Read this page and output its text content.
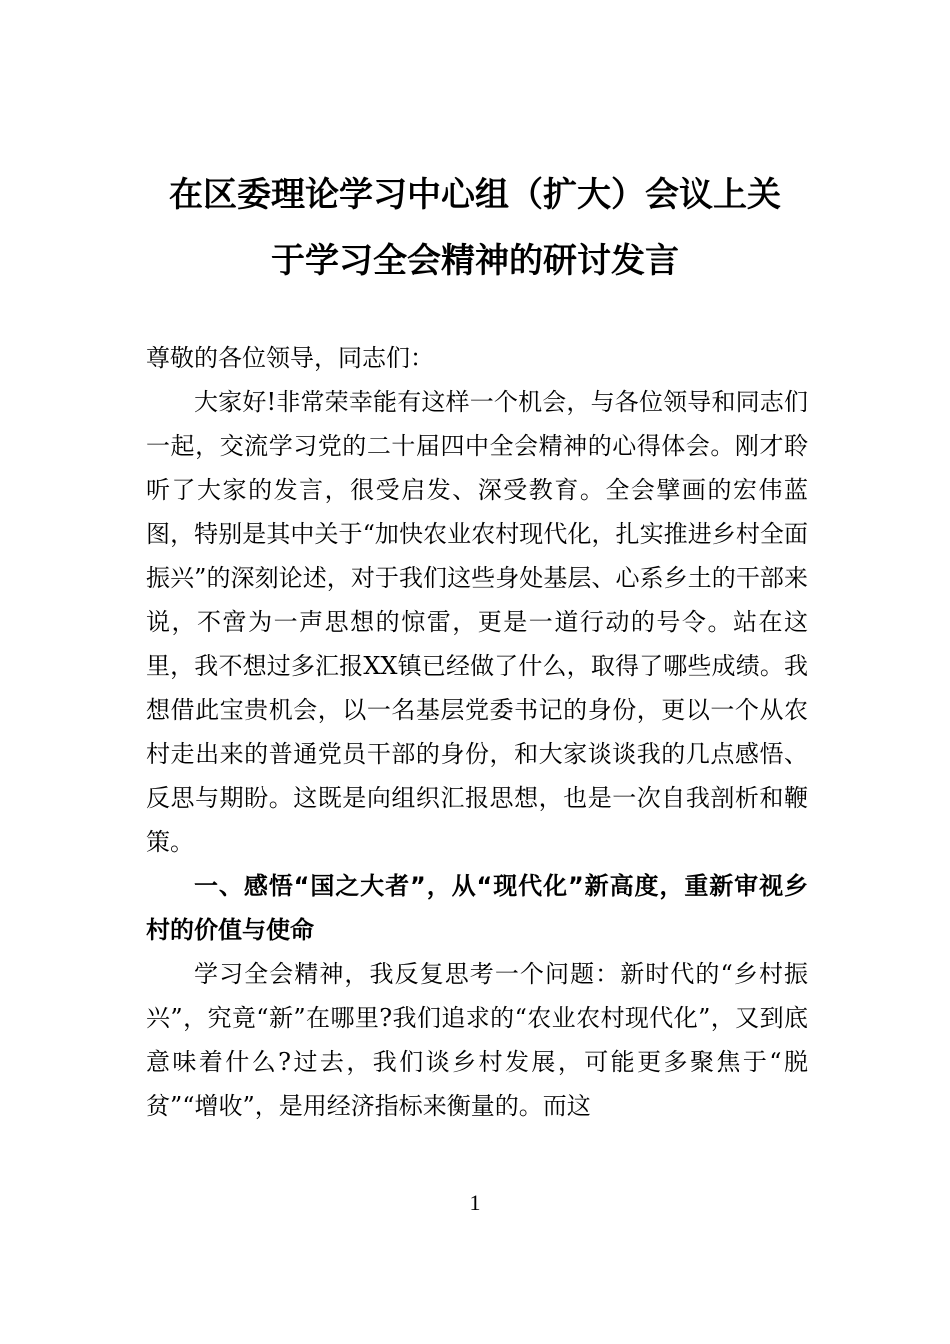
在区委理论学习中心组（扩大）会议上关
于学习全会精神的研讨发言

尊敬的各位领导，同志们：

大家好!非常荣幸能有这样一个机会，与各位领导和同志们一起，交流学习党的二十届四中全会精神的心得体会。刚才聆听了大家的发言，很受启发、深受教育。全会擘画的宏伟蓝图，特别是其中关于“加快农业农村现代化，扎实推进乡村全面振兴”的深刻论述，对于我们这些身处基层、心系乡土的干部来说，不啻为一声思想的惊雷，更是一道行动的号令。站在这里，我不想过多汇报XX镇已经做了什么，取得了哪些成绩。我想借此宝贵机会，以一名基层党委书记的身份，更以一个从农村走出来的普通党员干部的身份，和大家谈谈我的几点感悟、反思与期盼。这既是向组织汇报思想，也是一次自我剖析和鞭策。

一、感悟“国之大者”，从“现代化”新高度，重新审视乡村的价值与使命

学习全会精神，我反复思考一个问题：新时代的“乡村振兴”，究竟“新”在哪里?我们追求的“农业农村现代化”，又到底意味着什么?过去，我们谈乡村发展，可能更多聚焦于“脱贫”“增收”，是用经济指标来衡量的。而这

1
